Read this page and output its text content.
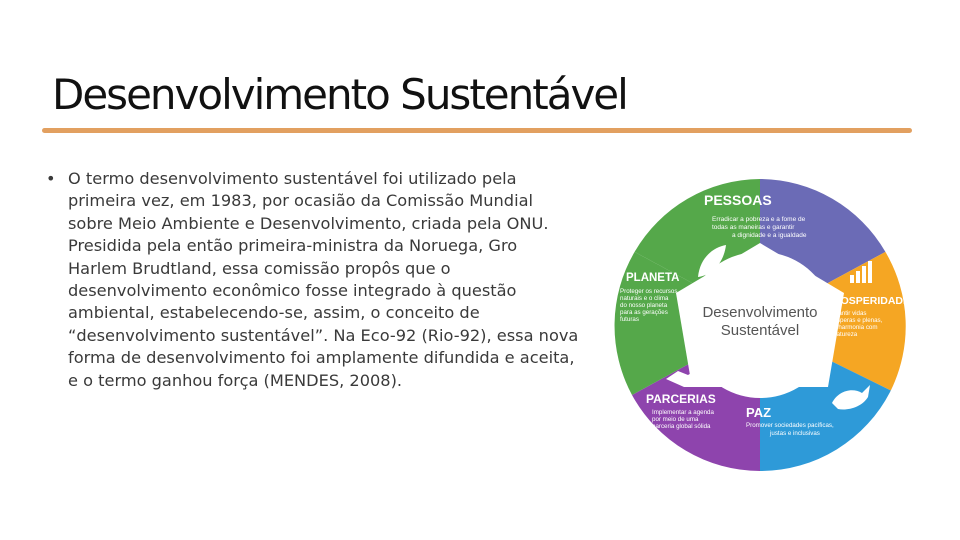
Desenvolvimento Sustentável
• O termo desenvolvimento sustentável foi utilizado pela primeira vez, em 1983, por ocasião da Comissão Mundial sobre Meio Ambiente e Desenvolvimento, criada pela ONU. Presidida pela então primeira-ministra da Noruega, Gro Harlem Brudtland, essa comissão propôs que o desenvolvimento econômico fosse integrado à questão ambiental, estabelecendo-se, assim, o conceito de “desenvolvimento sustentável”. Na Eco-92 (Rio-92), essa nova forma de desenvolvimento foi amplamente difundida e aceita, e o termo ganhou força (MENDES, 2008).
Desenvolvimento
Sustentável
PESSOAS
Erradicar a pobreza e a fome de
todas as maneiras e garantir
a dignidade e a igualdade
PROSPERIDADE
Garantir vidas
prósperas e plenas,
em harmonia com
a natureza
PAZ
Promover sociedades pacíficas,
justas e inclusivas
PARCERIAS
Implementar a agenda
por meio de uma
parceria global sólida
PLANETA
Proteger os recursos
naturais e o clima
do nosso planeta
para as gerações
futuras
